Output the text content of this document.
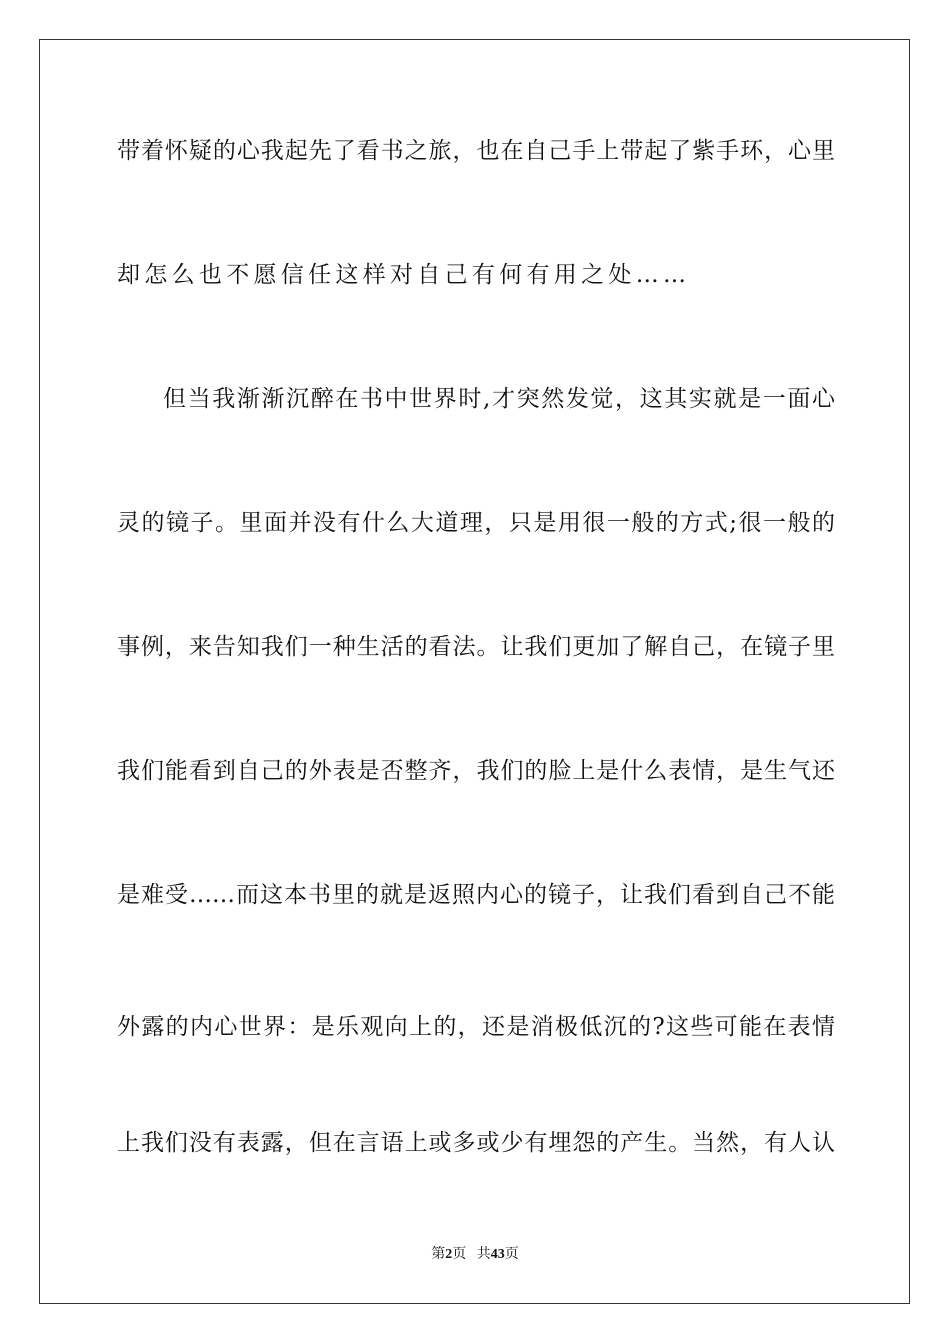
带着怀疑的心我起先了看书之旅，也在自己手上带起了紫手环，心里
却怎么也不愿信任这样对自己有何有用之处……
但当我渐渐沉醉在书中世界时,才突然发觉，这其实就是一面心
灵的镜子。里面并没有什么大道理，只是用很一般的方式;很一般的
事例，来告知我们一种生活的看法。让我们更加了解自己，在镜子里
我们能看到自己的外表是否整齐，我们的脸上是什么表情，是生气还
是难受……而这本书里的就是返照内心的镜子，让我们看到自己不能
外露的内心世界：是乐观向上的，还是消极低沉的?这些可能在表情
上我们没有表露，但在言语上或多或少有埋怨的产生。当然，有人认
第2页 共43页
